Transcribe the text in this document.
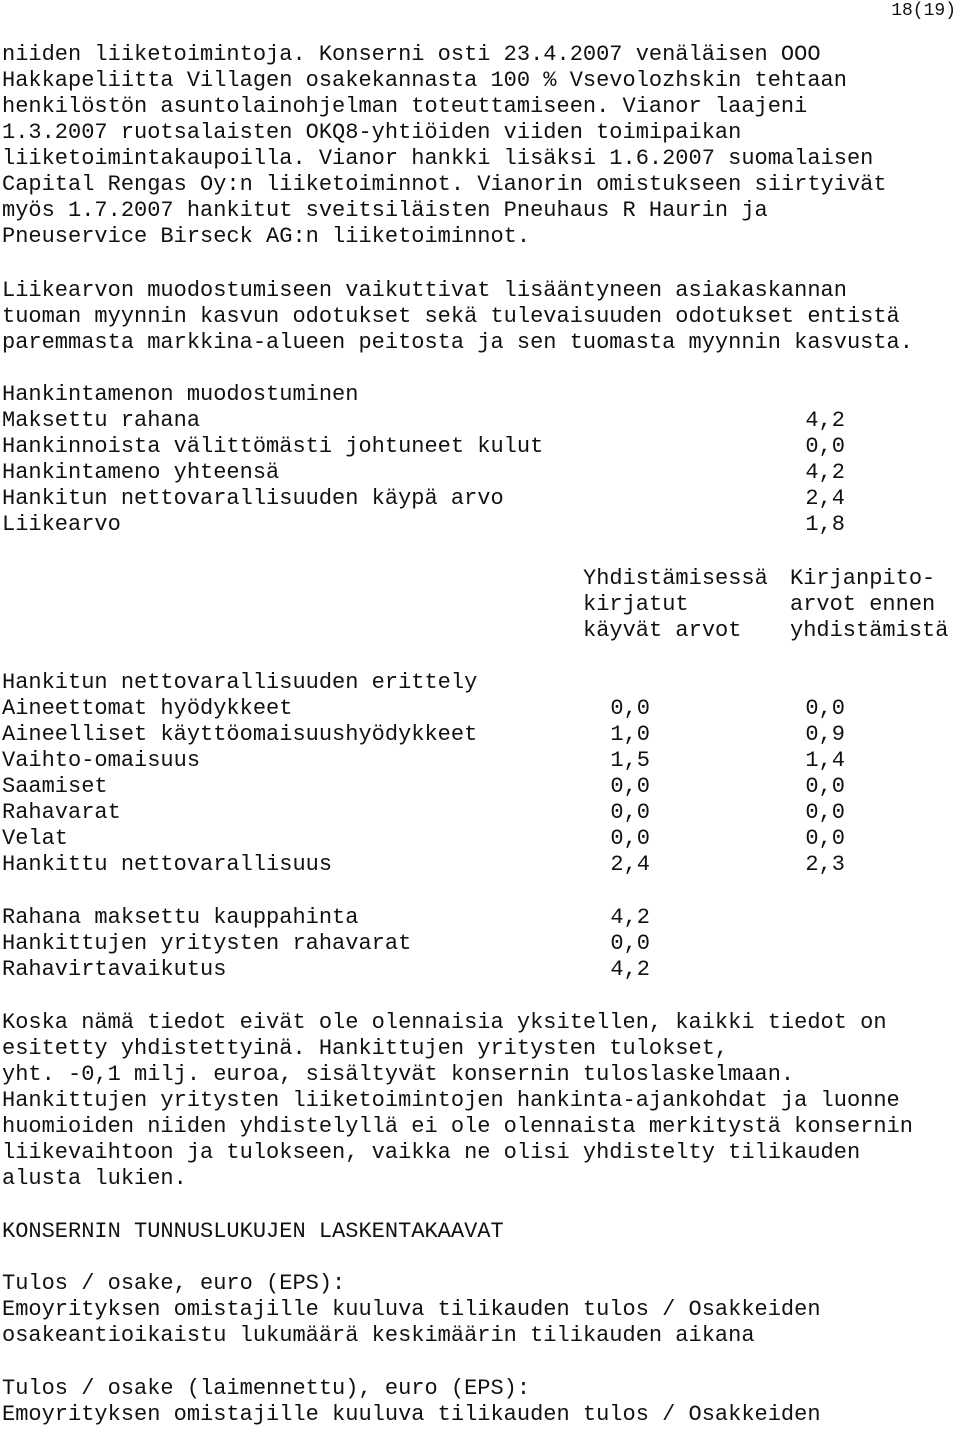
18(19)
niiden liiketoimintoja. Konserni osti 23.4.2007 venäläisen OOO
Hakkapeliitta Villagen osakekannasta 100 % Vsevolozhskin tehtaan
henkilöstön asuntolainohjelman toteuttamiseen. Vianor laajeni
1.3.2007 ruotsalaisten OKQ8-yhtiöiden viiden toimipaikan
liiketoimintakaupoilla. Vianor hankki lisäksi 1.6.2007 suomalaisen
Capital Rengas Oy:n liiketoiminnot. Vianorin omistukseen siirtyivät
myös 1.7.2007 hankitut sveitsiläisten Pneuhaus R Haurin ja
Pneuservice Birseck AG:n liiketoiminnot.
Liikearvon muodostumiseen vaikuttivat lisääntyneen asiakaskannan
tuoman myynnin kasvun odotukset sekä tulevaisuuden odotukset entistä
paremmasta markkina-alueen peitosta ja sen tuomasta myynnin kasvusta.
Hankintamenon muodostuminen
Maksettu rahana	4,2
Hankinnoista välittömästi johtuneet kulut	0,0
Hankintameno yhteensä	4,2
Hankitun nettovarallisuuden käypä arvo	2,4
Liikearvo	1,8
Yhdistämisessä
kirjatut
käyvät arvot
Kirjanpito-
arvot ennen
yhdistämistä
Hankitun nettovarallisuuden erittely
Aineettomat hyödykkeet	0,0	0,0
Aineelliset käyttöomaisuushyödykkeet	1,0	0,9
Vaihto-omaisuus	1,5	1,4
Saamiset	0,0	0,0
Rahavarat	0,0	0,0
Velat	0,0	0,0
Hankittu nettovarallisuus	2,4	2,3
Rahana maksettu kauppahinta	4,2
Hankittujen yritysten rahavarat	0,0
Rahavirtavaikutus	4,2
Koska nämä tiedot eivät ole olennaisia yksitellen, kaikki tiedot on
esitetty yhdistettyinä. Hankittujen yritysten tulokset,
yht. -0,1 milj. euroa, sisältyvät konsernin tuloslaskelmaan.
Hankittujen yritysten liiketoimintojen hankinta-ajankohdat ja luonne
huomioiden niiden yhdistelyllä ei ole olennaista merkitystä konsernin
liikevaihtoon ja tulokseen, vaikka ne olisi yhdistelty tilikauden
alusta lukien.
KONSERNIN TUNNUSLUKUJEN LASKENTAKAAVAT
Tulos / osake, euro (EPS):
Emoyrityksen omistajille kuuluva tilikauden tulos / Osakkeiden
osakeantioikaistu lukumäärä keskimäärin tilikauden aikana
Tulos / osake (laimennettu), euro (EPS):
Emoyrityksen omistajille kuuluva tilikauden tulos / Osakkeiden
